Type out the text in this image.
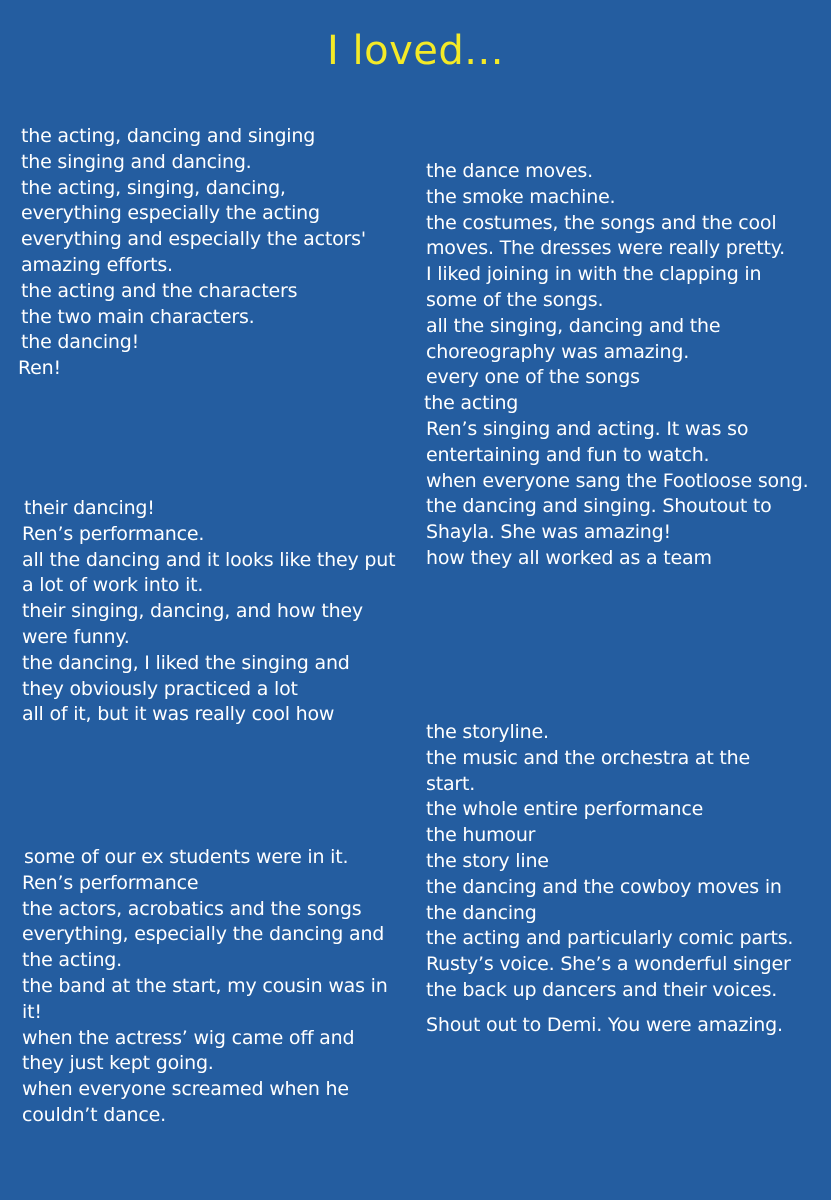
I loved...
the acting, dancing and singing
the singing and dancing.
the acting, singing, dancing,
everything especially the acting
everything and especially the actors'
amazing efforts.
the acting and the characters
the two main characters.
the dancing!
Ren!
the dance moves.
the smoke machine.
the costumes, the songs and the cool
moves. The dresses were really pretty.
I liked joining in with the clapping in
some of the songs.
all the singing, dancing and the
choreography was amazing.
every one of the songs
the acting
Ren’s singing and acting. It was so
entertaining and fun to watch.
when everyone sang the Footloose song.
the dancing and singing. Shoutout to
Shayla. She was amazing!
how they all worked as a team
their dancing!
Ren’s performance.
all the dancing and it looks like they put
a lot of work into it.
their singing, dancing, and how they
were funny.
the dancing, I liked the singing and
they obviously practiced a lot
all of it, but it was really cool how
the storyline.
the music and the orchestra at the
start.
the whole entire performance
the humour
the story line
the dancing and the cowboy moves in
the dancing
the acting and particularly comic parts.
Rusty’s voice. She’s a wonderful singer
the back up dancers and their voices.
some of our ex students were in it.
Ren’s performance
the actors, acrobatics and the songs
everything, especially the dancing and
the acting.
the band at the start, my cousin was in
it!
when the actress’ wig came off and
they just kept going.
when everyone screamed when he
couldn’t dance.
Shout out to Demi. You were amazing.
